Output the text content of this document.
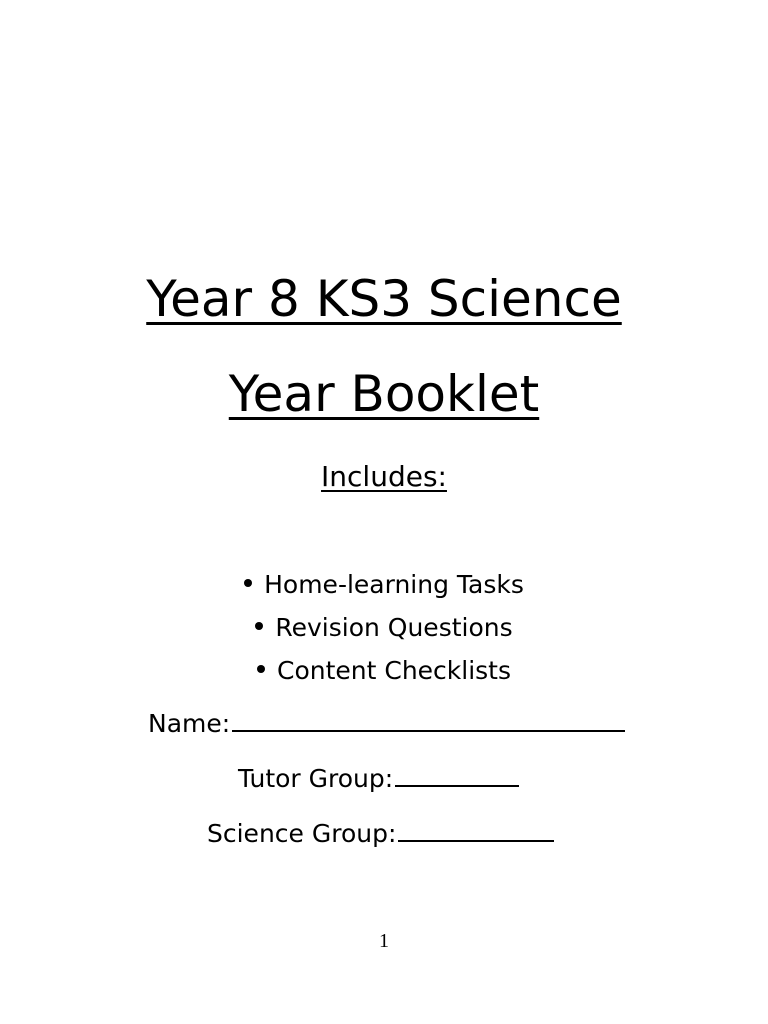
Year 8 KS3 Science
Year Booklet
Includes:
Home-learning Tasks
Revision Questions
Content Checklists
Name:
Tutor Group:
Science Group:
1
